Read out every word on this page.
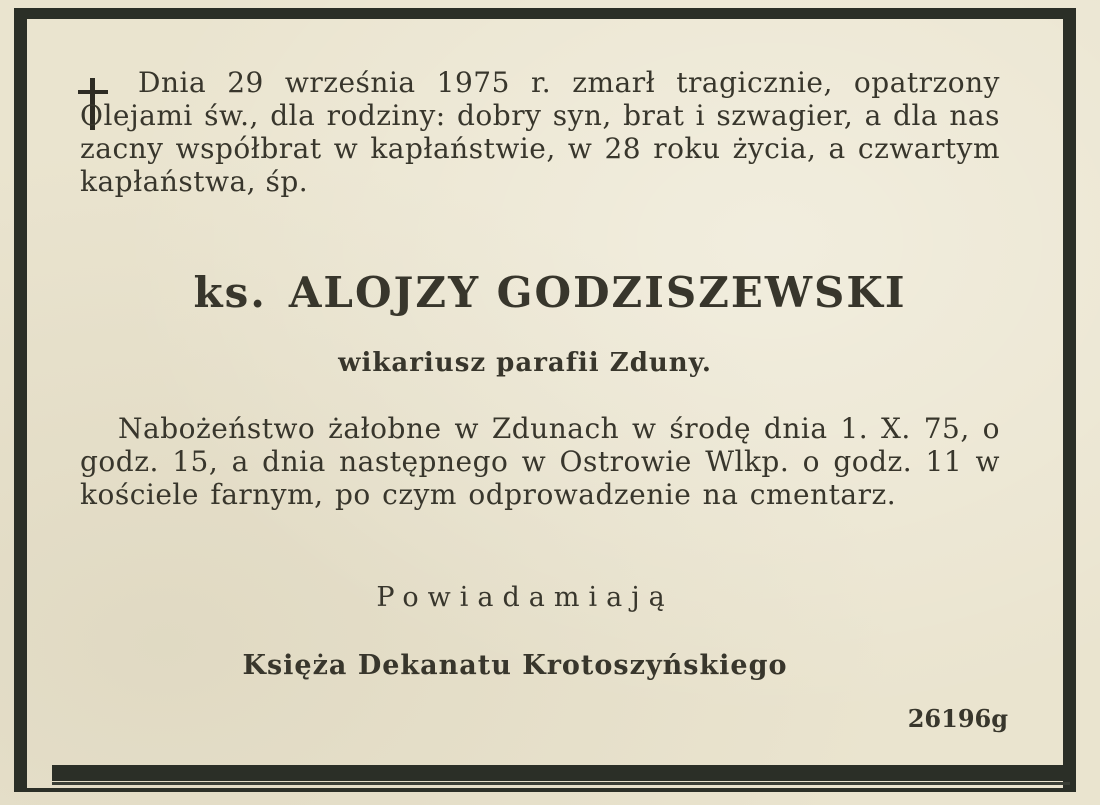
Dnia 29 września 1975 r. zmarł tragicznie, opatrzony Olejami św., dla rodziny: dobry syn, brat i szwagier, a dla nas zacny współbrat w kapłaństwie, w 28 roku życia, a czwartym kapłaństwa, śp.

ks. ALOJZY GODZISZEWSKI

wikariusz parafii Zduny.

Nabożeństwo żałobne w Zdunach w środę dnia 1. X. 75, o godz. 15, a dnia następnego w Ostrowie Wlkp. o godz. 11 w kościele farnym, po czym odprowadzenie na cmentarz.

Powiadamiają

Księża Dekanatu Krotoszyńskiego

26196g
